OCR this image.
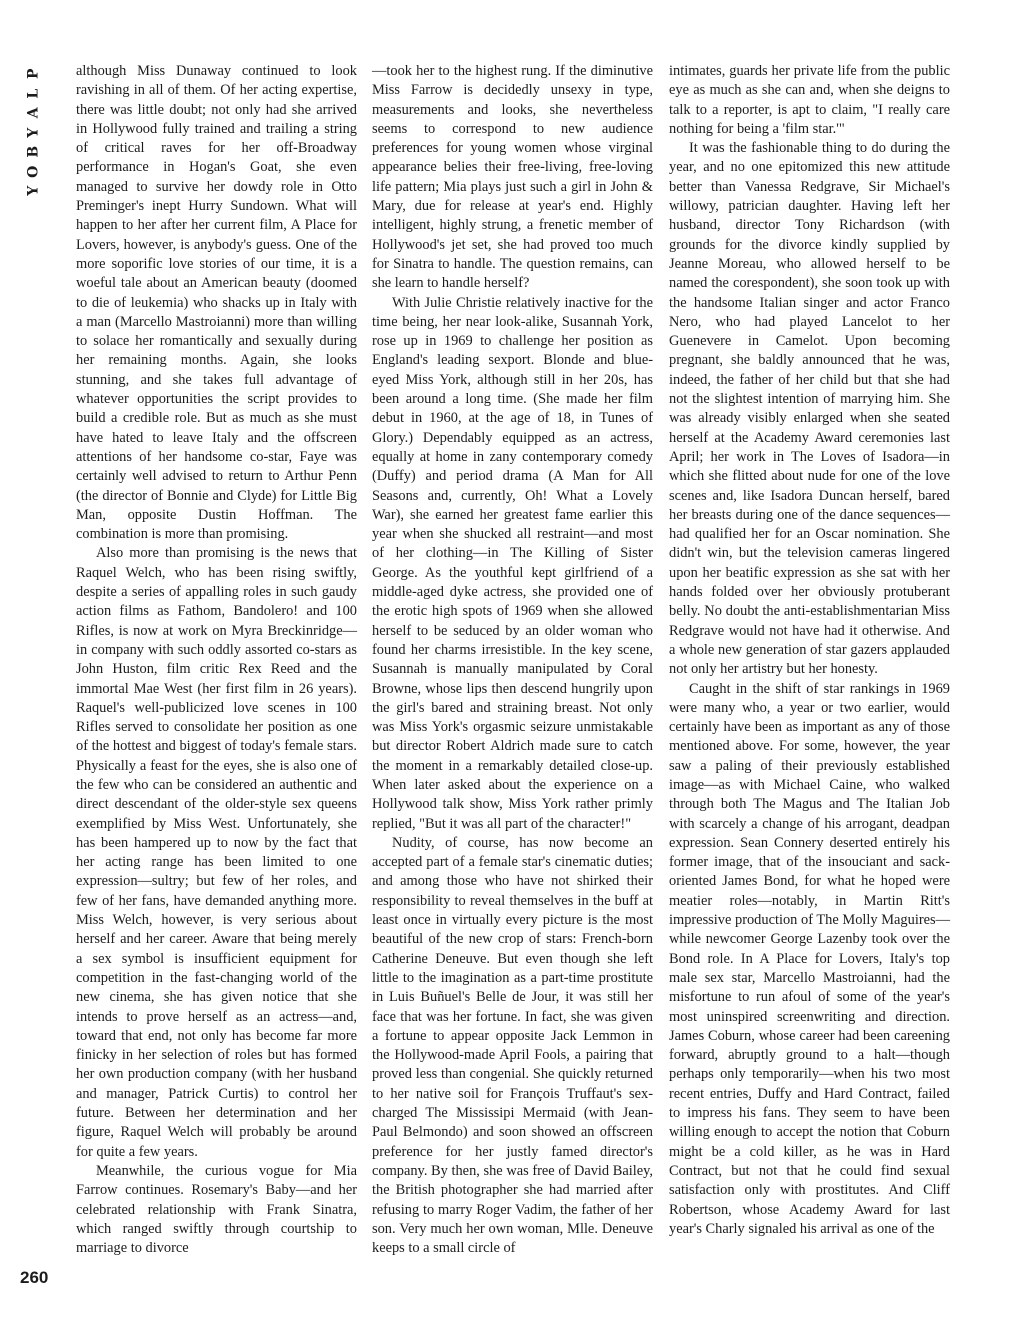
P
L
A
Y
B
O
Y
260

although Miss Dunaway continued to look ravishing in all of them. Of her acting expertise, there was little doubt; not only had she arrived in Hollywood fully trained and trailing a string of critical raves for her off-Broadway performance in Hogan's Goat, she even managed to survive her dowdy role in Otto Preminger's inept Hurry Sundown. What will happen to her after her current film, A Place for Lovers, however, is anybody's guess. One of the more soporific love stories of our time, it is a woeful tale about an American beauty (doomed to die of leukemia) who shacks up in Italy with a man (Marcello Mastroianni) more than willing to solace her romantically and sexually during her remaining months. Again, she looks stunning, and she takes full advantage of whatever opportunities the script provides to build a credible role. But as much as she must have hated to leave Italy and the offscreen attentions of her handsome co-star, Faye was certainly well advised to return to Arthur Penn (the director of Bonnie and Clyde) for Little Big Man, opposite Dustin Hoffman. The combination is more than promising.

Also more than promising is the news that Raquel Welch, who has been rising swiftly, despite a series of appalling roles in such gaudy action films as Fathom, Bandolero! and 100 Rifles, is now at work on Myra Breckinridge—in company with such oddly assorted co-stars as John Huston, film critic Rex Reed and the immortal Mae West (her first film in 26 years). Raquel's well-publicized love scenes in 100 Rifles served to consolidate her position as one of the hottest and biggest of today's female stars. Physically a feast for the eyes, she is also one of the few who can be considered an authentic and direct descendant of the older-style sex queens exemplified by Miss West. Unfortunately, she has been hampered up to now by the fact that her acting range has been limited to one expression—sultry; but few of her roles, and few of her fans, have demanded anything more. Miss Welch, however, is very serious about herself and her career. Aware that being merely a sex symbol is insufficient equipment for competition in the fast-changing world of the new cinema, she has given notice that she intends to prove herself as an actress—and, toward that end, not only has become far more finicky in her selection of roles but has formed her own production company (with her husband and manager, Patrick Curtis) to control her future. Between her determination and her figure, Raquel Welch will probably be around for quite a few years.

Meanwhile, the curious vogue for Mia Farrow continues. Rosemary's Baby—and her celebrated relationship with Frank Sinatra, which ranged swiftly through courtship to marriage to divorce

—took her to the highest rung. If the diminutive Miss Farrow is decidedly unsexy in type, measurements and looks, she nevertheless seems to correspond to new audience preferences for young women whose virginal appearance belies their free-living, free-loving life pattern; Mia plays just such a girl in John & Mary, due for release at year's end. Highly intelligent, highly strung, a frenetic member of Hollywood's jet set, she had proved too much for Sinatra to handle. The question remains, can she learn to handle herself?

With Julie Christie relatively inactive for the time being, her near look-alike, Susannah York, rose up in 1969 to challenge her position as England's leading sexport. Blonde and blue-eyed Miss York, although still in her 20s, has been around a long time. (She made her film debut in 1960, at the age of 18, in Tunes of Glory.) Dependably equipped as an actress, equally at home in zany contemporary comedy (Duffy) and period drama (A Man for All Seasons and, currently, Oh! What a Lovely War), she earned her greatest fame earlier this year when she shucked all restraint—and most of her clothing—in The Killing of Sister George. As the youthful kept girlfriend of a middle-aged dyke actress, she provided one of the erotic high spots of 1969 when she allowed herself to be seduced by an older woman who found her charms irresistible. In the key scene, Susannah is manually manipulated by Coral Browne, whose lips then descend hungrily upon the girl's bared and straining breast. Not only was Miss York's orgasmic seizure unmistakable but director Robert Aldrich made sure to catch the moment in a remarkably detailed close-up. When later asked about the experience on a Hollywood talk show, Miss York rather primly replied, "But it was all part of the character!"

Nudity, of course, has now become an accepted part of a female star's cinematic duties; and among those who have not shirked their responsibility to reveal themselves in the buff at least once in virtually every picture is the most beautiful of the new crop of stars: French-born Catherine Deneuve. But even though she left little to the imagination as a part-time prostitute in Luis Buñuel's Belle de Jour, it was still her face that was her fortune. In fact, she was given a fortune to appear opposite Jack Lemmon in the Hollywood-made April Fools, a pairing that proved less than congenial. She quickly returned to her native soil for François Truffaut's sex-charged The Mississipi Mermaid (with Jean-Paul Belmondo) and soon showed an offscreen preference for her justly famed director's company. By then, she was free of David Bailey, the British photographer she had married after refusing to marry Roger Vadim, the father of her son. Very much her own woman, Mlle. Deneuve keeps to a small circle of

intimates, guards her private life from the public eye as much as she can and, when she deigns to talk to a reporter, is apt to claim, "I really care nothing for being a 'film star.'"

It was the fashionable thing to do during the year, and no one epitomized this new attitude better than Vanessa Redgrave, Sir Michael's willowy, patrician daughter. Having left her husband, director Tony Richardson (with grounds for the divorce kindly supplied by Jeanne Moreau, who allowed herself to be named the corespondent), she soon took up with the handsome Italian singer and actor Franco Nero, who had played Lancelot to her Guenevere in Camelot. Upon becoming pregnant, she baldly announced that he was, indeed, the father of her child but that she had not the slightest intention of marrying him. She was already visibly enlarged when she seated herself at the Academy Award ceremonies last April; her work in The Loves of Isadora—in which she flitted about nude for one of the love scenes and, like Isadora Duncan herself, bared her breasts during one of the dance sequences—had qualified her for an Oscar nomination. She didn't win, but the television cameras lingered upon her beatific expression as she sat with her hands folded over her obviously protuberant belly. No doubt the anti-establishmentarian Miss Redgrave would not have had it otherwise. And a whole new generation of star gazers applauded not only her artistry but her honesty.

Caught in the shift of star rankings in 1969 were many who, a year or two earlier, would certainly have been as important as any of those mentioned above. For some, however, the year saw a paling of their previously established image—as with Michael Caine, who walked through both The Magus and The Italian Job with scarcely a change of his arrogant, deadpan expression. Sean Connery deserted entirely his former image, that of the insouciant and sack-oriented James Bond, for what he hoped were meatier roles—notably, in Martin Ritt's impressive production of The Molly Maguires—while newcomer George Lazenby took over the Bond role. In A Place for Lovers, Italy's top male sex star, Marcello Mastroianni, had the misfortune to run afoul of some of the year's most uninspired screenwriting and direction. James Coburn, whose career had been careening forward, abruptly ground to a halt—though perhaps only temporarily—when his two most recent entries, Duffy and Hard Contract, failed to impress his fans. They seem to have been willing enough to accept the notion that Coburn might be a cold killer, as he was in Hard Contract, but not that he could find sexual satisfaction only with prostitutes. And Cliff Robertson, whose Academy Award for last year's Charly signaled his arrival as one of the
